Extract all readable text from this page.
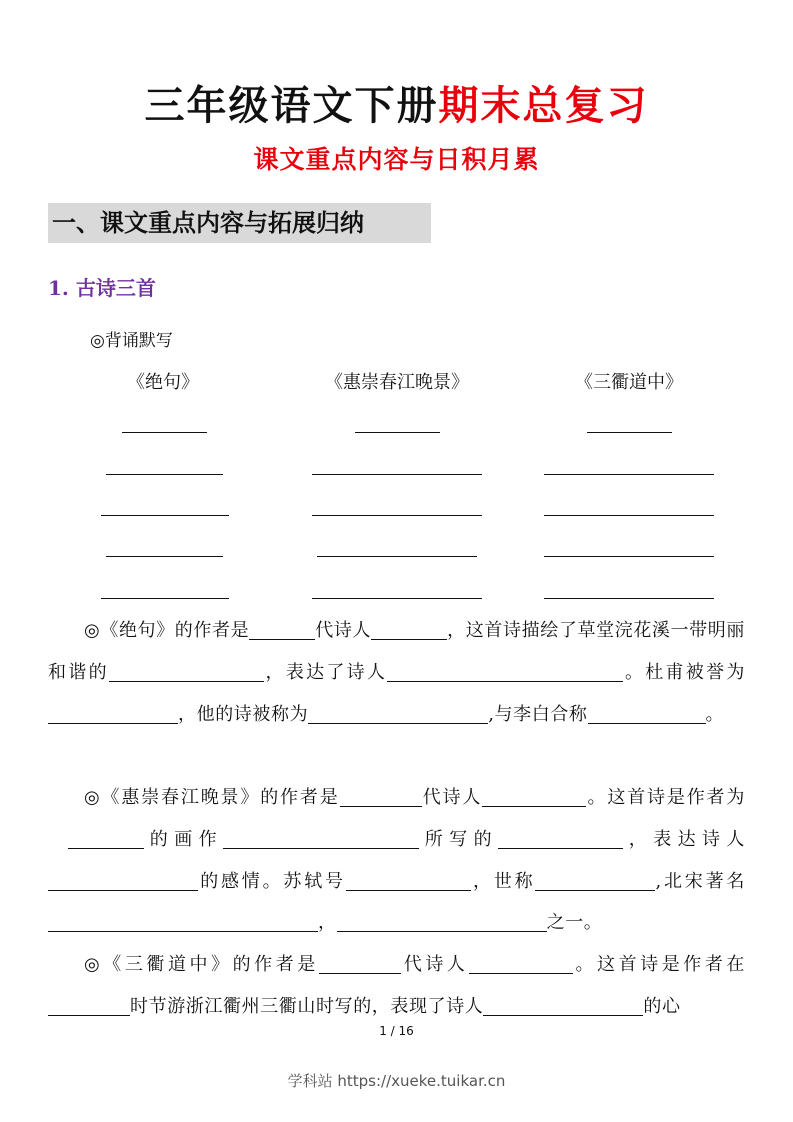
三年级语文下册期末总复习
课文重点内容与日积月累
一、课文重点内容与拓展归纳
1. 古诗三首
◎背诵默写
《绝句》	《惠崇春江晚景》	《三衢道中》
◎《绝句》的作者是	代诗人	，这首诗描绘了草堂浣花溪一带明丽和谐的	，表达了诗人	。杜甫被誉为，他的诗被称为	,与李白合称	。
◎《惠崇春江晚景》的作者是	代诗人	。这首诗是作者为的画作	所写的	，表达诗人的感情。苏轼号	，世称	,北宋著名，	之一。
◎《三衢道中》的作者是	代诗人	。这首诗是作者在时节游浙江衢州三衢山时写的，表现了诗人	的心
1 / 16
学科站 https://xueke.tuikar.cn
